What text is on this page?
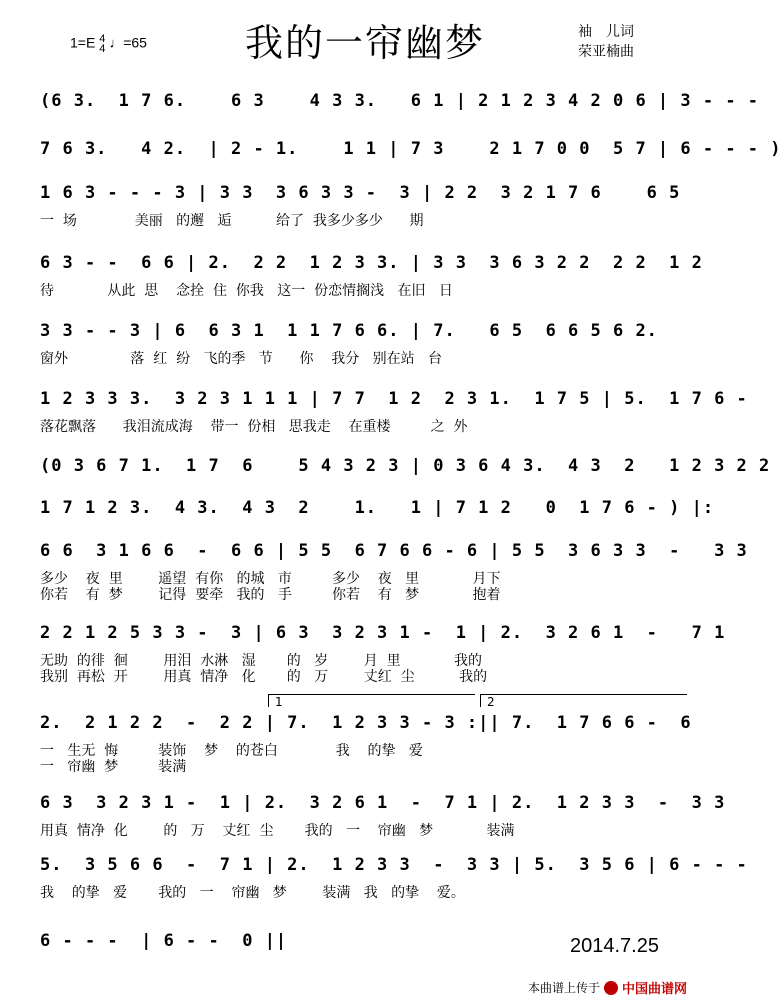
1=E 4
4 ♩=65	我的一帘幽梦	袖　儿词
荣亚楠曲
(6 3.  1 7 6.    6 3    4 3 3.   6 1 | 2 1 2 3 4 2 0 6 | 3 - - -
7 6 3.   4 2.  | 2 - 1.    1 1 | 7 3    2 1 7 0 0  5 7 | 6 - - - )
1 6 3 - - - 3 | 3 3  3 6 3 3 -  3 | 2 2  3 2 1 7 6    6 5
一  场             美丽   的邂   逅          给了  我多少多少      期
6 3 - -  6 6 | 2.  2 2  1 2 3 3. | 3 3  3 6 3 2 2  2 2  1 2
待            从此  思    念拴  住  你我   这一  份恋情搁浅   在旧   日
3 3 - - 3 | 6  6 3 1  1 1 7 6 6. | 7.   6 5  6 6 5 6 2.
窗外              落  红  纷   飞的季   节      你    我分   别在站   台
1 2 3 3 3.  3 2 3 1 1 1 | 7 7  1 2  2 3 1.  1 7 5 | 5.  1 7 6 -
落花飘落      我泪流成海    带一  份相   思我走    在重楼         之  外
(0 3 6 7 1.  1 7  6    5 4 3 2 3 | 0 3 6 4 3.  4 3  2   1 2 3 2 2
1 7 1 2 3.  4 3.  4 3  2    1.   1 | 7 1 2   0  1 7 6 - ) |:
6 6  3 1 6 6  -  6 6 | 5 5  6 7 6 6 - 6 | 5 5  3 6 3 3  -   3 3
多少    夜  里        遥望  有你   的城   市         多少    夜   里            月下
你若    有  梦        记得  要牵   我的   手         你若    有   梦            抱着
2 2 1 2 5 3 3 -  3 | 6 3  3 2 3 1 -  1 | 2.  3 2 6 1  -   7 1
无助  的徘  徊        用泪  水淋   湿       的   岁        月  里            我的
我别  再松  开        用真  情净   化       的   万        丈红  尘          我的
1	2
2.  2 1 2 2  -  2 2 | 7.  1 2 3 3 - 3 :|| 7.  1 7 6 6 -  6
一   生无  悔         装饰    梦    的苍白             我    的挚   爱
一   帘幽  梦         装满
6 3  3 2 3 1 -  1 | 2.  3 2 6 1  -  7 1 | 2.  1 2 3 3  -  3 3
用真  情净  化        的   万    丈红  尘       我的   一    帘幽   梦            装满
5.  3 5 6 6  -  7 1 | 2.  1 2 3 3  -  3 3 | 5.  3 5 6 | 6 - - -
我    的挚   爱       我的   一    帘幽   梦        装满   我   的挚    爱。
6 - - -  | 6 - -  0 ||	2014.7.25
本曲谱上传于 中国曲谱网
